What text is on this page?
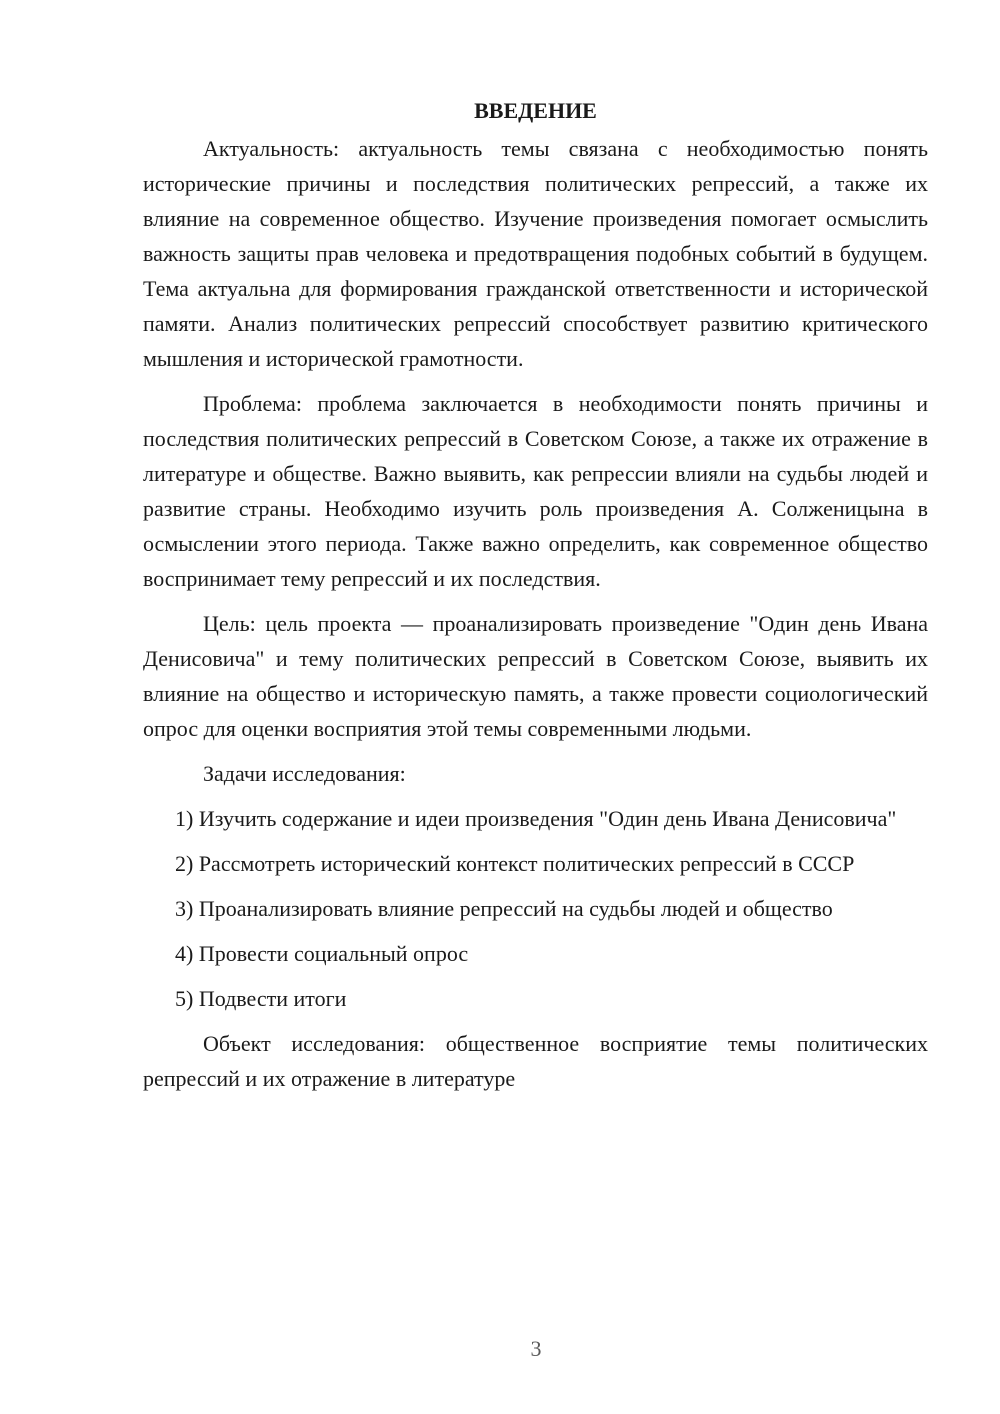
ВВЕДЕНИЕ

Актуальность: актуальность темы связана с необходимостью понять исторические причины и последствия политических репрессий, а также их влияние на современное общество. Изучение произведения помогает осмыслить важность защиты прав человека и предотвращения подобных событий в будущем. Тема актуальна для формирования гражданской ответственности и исторической памяти. Анализ политических репрессий способствует развитию критического мышления и исторической грамотности.

Проблема: проблема заключается в необходимости понять причины и последствия политических репрессий в Советском Союзе, а также их отражение в литературе и обществе. Важно выявить, как репрессии влияли на судьбы людей и развитие страны. Необходимо изучить роль произведения А. Солженицына в осмыслении этого периода. Также важно определить, как современное общество воспринимает тему репрессий и их последствия.

Цель: цель проекта — проанализировать произведение "Один день Ивана Денисовича" и тему политических репрессий в Советском Союзе, выявить их влияние на общество и историческую память, а также провести социологический опрос для оценки восприятия этой темы современными людьми.

Задачи исследования:

1) Изучить содержание и идеи произведения "Один день Ивана Денисовича"

2) Рассмотреть исторический контекст политических репрессий в СССР

3) Проанализировать влияние репрессий на судьбы людей и общество

4) Провести социальный опрос

5) Подвести итоги

Объект исследования: общественное восприятие темы политических репрессий и их отражение в литературе

3
